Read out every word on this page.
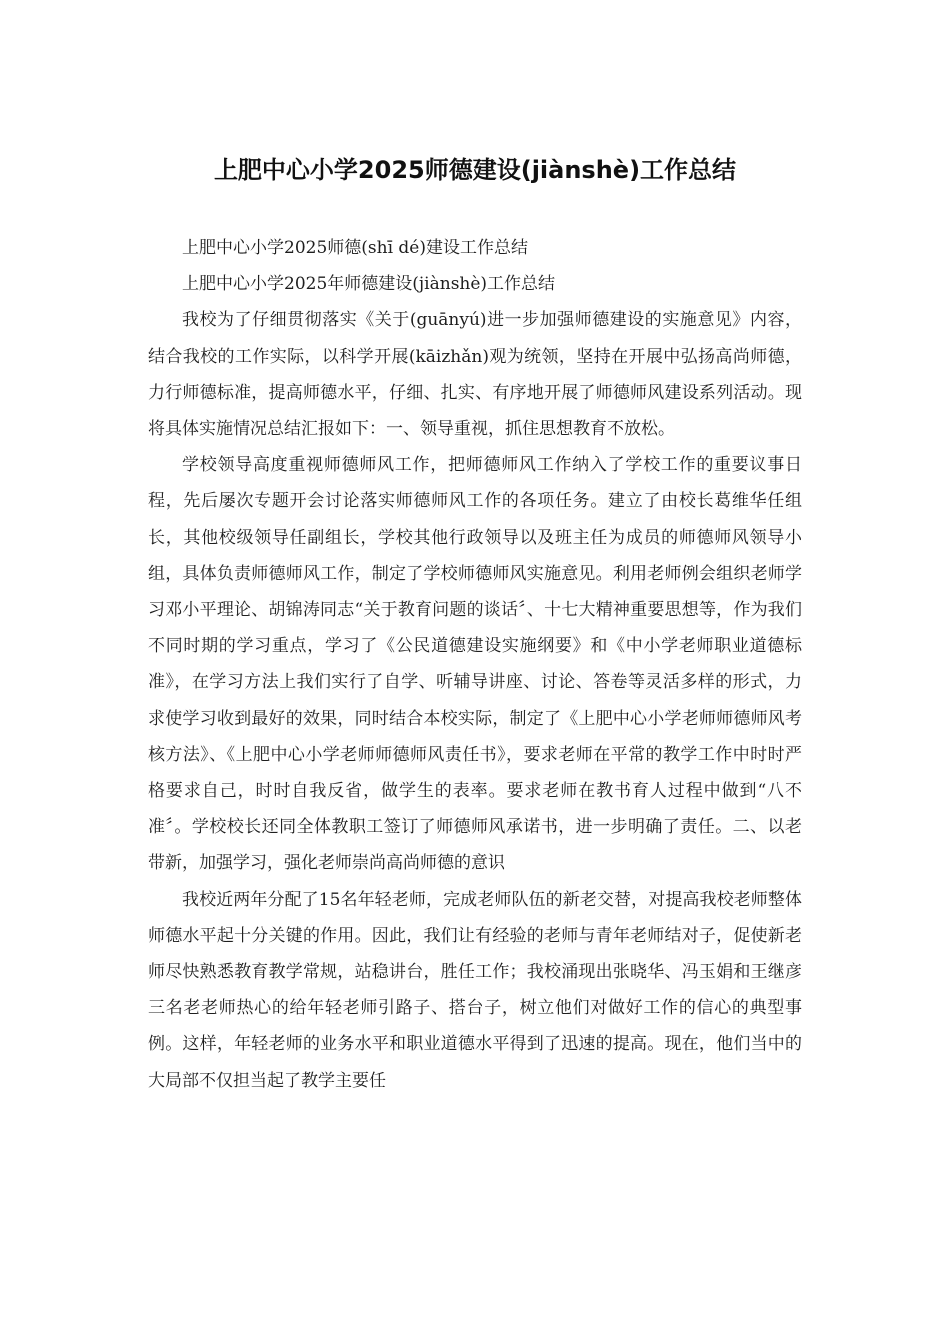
上肥中心小学2025师德建设(jiànshè)工作总结

上肥中心小学2025师德(shī dé)建设工作总结

上肥中心小学2025年师德建设(jiànshè)工作总结

我校为了仔细贯彻落实《关于(guānyú)进一步加强师德建设的实施意见》内容，结合我校的工作实际，以科学开展(kāizhǎn)观为统领，坚持在开展中弘扬高尚师德，力行师德标准，提高师德水平，仔细、扎实、有序地开展了师德师风建设系列活动。现将具体实施情况总结汇报如下：一、领导重视，抓住思想教育不放松。

学校领导高度重视师德师风工作，把师德师风工作纳入了学校工作的重要议事日程，先后屡次专题开会讨论落实师德师风工作的各项任务。建立了由校长葛维华任组长，其他校级领导任副组长，学校其他行政领导以及班主任为成员的师德师风领导小组，具体负责师德师风工作，制定了学校师德师风实施意见。利用老师例会组织老师学习邓小平理论、胡锦涛同志“关于教育问题的谈话〞、十七大精神重要思想等，作为我们不同时期的学习重点，学习了《公民道德建设实施纲要》和《中小学老师职业道德标准》，在学习方法上我们实行了自学、听辅导讲座、讨论、答卷等灵活多样的形式，力求使学习收到最好的效果，同时结合本校实际，制定了《上肥中心小学老师师德师风考核方法》、《上肥中心小学老师师德师风责任书》，要求老师在平常的教学工作中时时严格要求自己，时时自我反省，做学生的表率。要求老师在教书育人过程中做到“八不准〞。学校校长还同全体教职工签订了师德师风承诺书，进一步明确了责任。二、以老带新，加强学习，强化老师崇尚高尚师德的意识

我校近两年分配了15名年轻老师，完成老师队伍的新老交替，对提高我校老师整体师德水平起十分关键的作用。因此，我们让有经验的老师与青年老师结对子，促使新老师尽快熟悉教育教学常规，站稳讲台，胜任工作；我校涌现出张晓华、冯玉娟和王继彦三名老老师热心的给年轻老师引路子、搭台子，树立他们对做好工作的信心的典型事例。这样，年轻老师的业务水平和职业道德水平得到了迅速的提高。现在，他们当中的大局部不仅担当起了教学主要任
